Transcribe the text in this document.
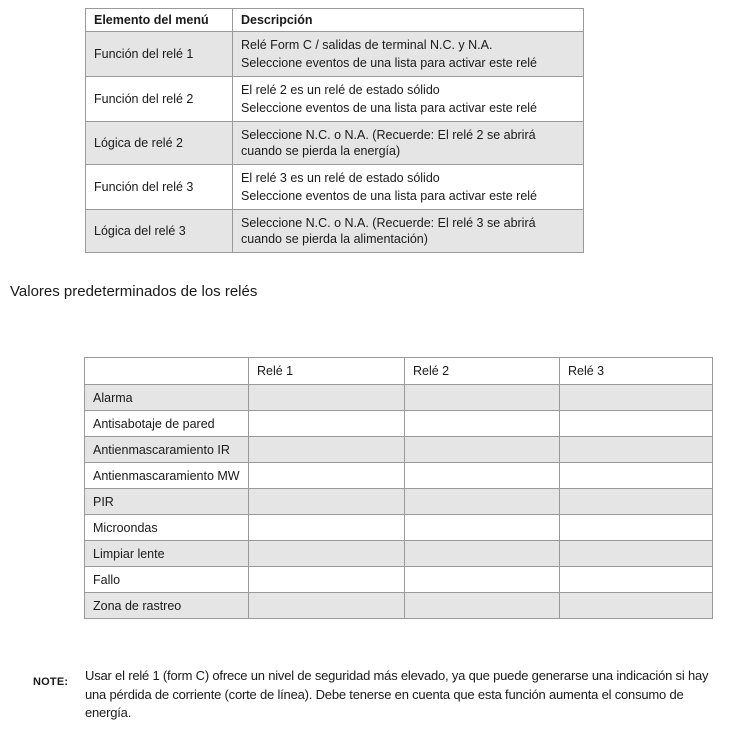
Elemento del menú	Descripción
Función del relé 1	Relé Form C / salidas de terminal N.C. y N.A.

Seleccione eventos de una lista para activar este relé

Función del relé 2	El relé 2 es un relé de estado sólido

Seleccione eventos de una lista para activar este relé

Lógica de relé 2	Seleccione N.C. o N.A. (Recuerde: El relé 2 se abrirá cuando se pierda la energía)

Función del relé 3	El relé 3 es un relé de estado sólido

Seleccione eventos de una lista para activar este relé

Lógica del relé 3	Seleccione N.C. o N.A. (Recuerde: El relé 3 se abrirá cuando se pierda la alimentación)

Valores predeterminados de los relés
	Relé 1	Relé 2	Relé 3
Alarma			
Antisabotaje de pared			
Antienmascaramiento IR			
Antienmascaramiento MW			
PIR			
Microondas			
Limpiar lente			
Fallo			
Zona de rastreo			
NOTE: Usar el relé 1 (form C) ofrece un nivel de seguridad más elevado, ya que puede generarse una indicación si hay una pérdida de corriente (corte de línea). Debe tenerse en cuenta que esta función aumenta el consumo de energía.
